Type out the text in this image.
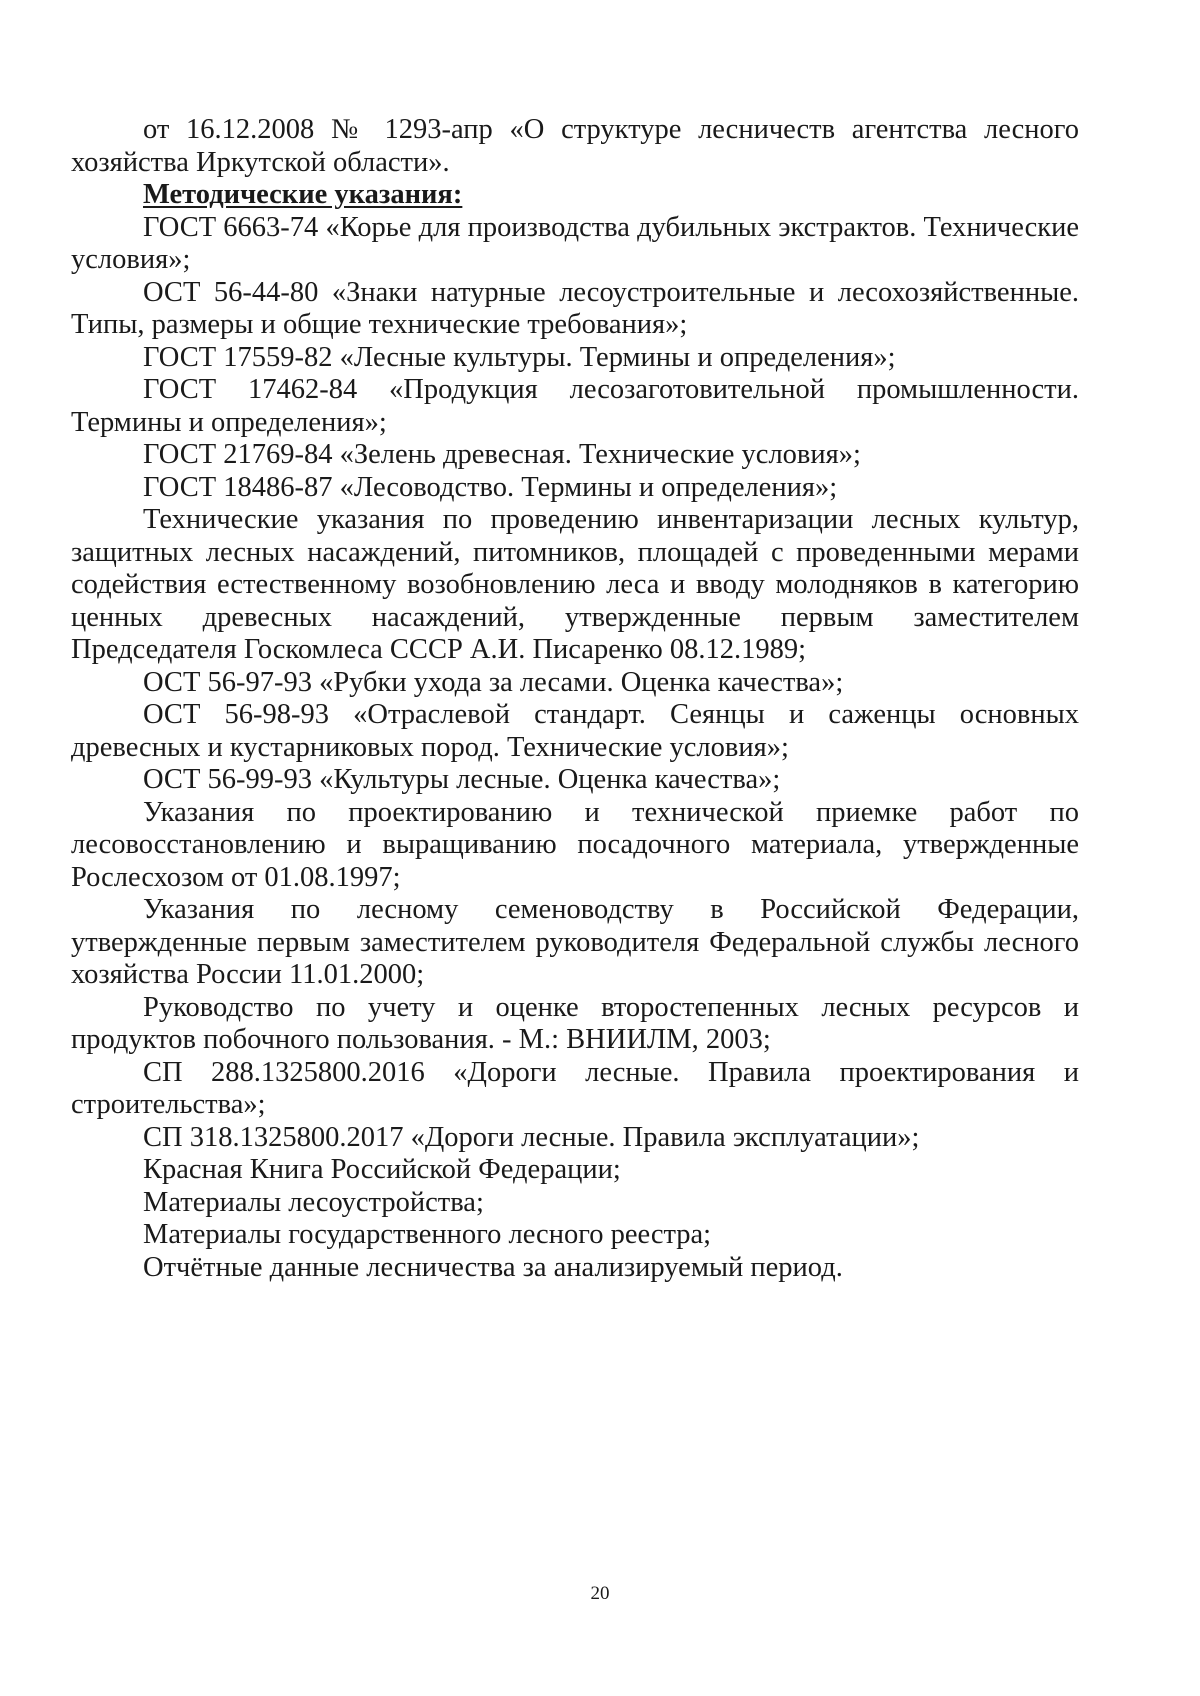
от 16.12.2008 № 1293-апр «О структуре лесничеств агентства лесного хозяйства Иркутской области».

Методические указания:

ГОСТ 6663-74 «Корье для производства дубильных экстрактов. Технические условия»;

ОСТ 56-44-80 «Знаки натурные лесоустроительные и лесохозяйственные. Типы, размеры и общие технические требования»;

ГОСТ 17559-82 «Лесные культуры. Термины и определения»;

ГОСТ 17462-84 «Продукция лесозаготовительной промышленности. Термины и определения»;

ГОСТ 21769-84 «Зелень древесная. Технические условия»;

ГОСТ 18486-87 «Лесоводство. Термины и определения»;

Технические указания по проведению инвентаризации лесных культур, защитных лесных насаждений, питомников, площадей с проведенными мерами содействия естественному возобновлению леса и вводу молодняков в категорию ценных древесных насаждений, утвержденные первым заместителем Председателя Госкомлеса СССР А.И. Писаренко 08.12.1989;

ОСТ 56-97-93 «Рубки ухода за лесами. Оценка качества»;

ОСТ 56-98-93 «Отраслевой стандарт. Сеянцы и саженцы основных древесных и кустарниковых пород. Технические условия»;

ОСТ 56-99-93 «Культуры лесные. Оценка качества»;

Указания по проектированию и технической приемке работ по лесовосстановлению и выращиванию посадочного материала, утвержденные Рослесхозом от 01.08.1997;

Указания по лесному семеноводству в Российской Федерации, утвержденные первым заместителем руководителя Федеральной службы лесного хозяйства России 11.01.2000;

Руководство по учету и оценке второстепенных лесных ресурсов и продуктов побочного пользования. - М.: ВНИИЛМ, 2003;

СП 288.1325800.2016 «Дороги лесные. Правила проектирования и строительства»;

СП 318.1325800.2017 «Дороги лесные. Правила эксплуатации»;

Красная Книга Российской Федерации;

Материалы лесоустройства;

Материалы государственного лесного реестра;

Отчётные данные лесничества за анализируемый период.

20
